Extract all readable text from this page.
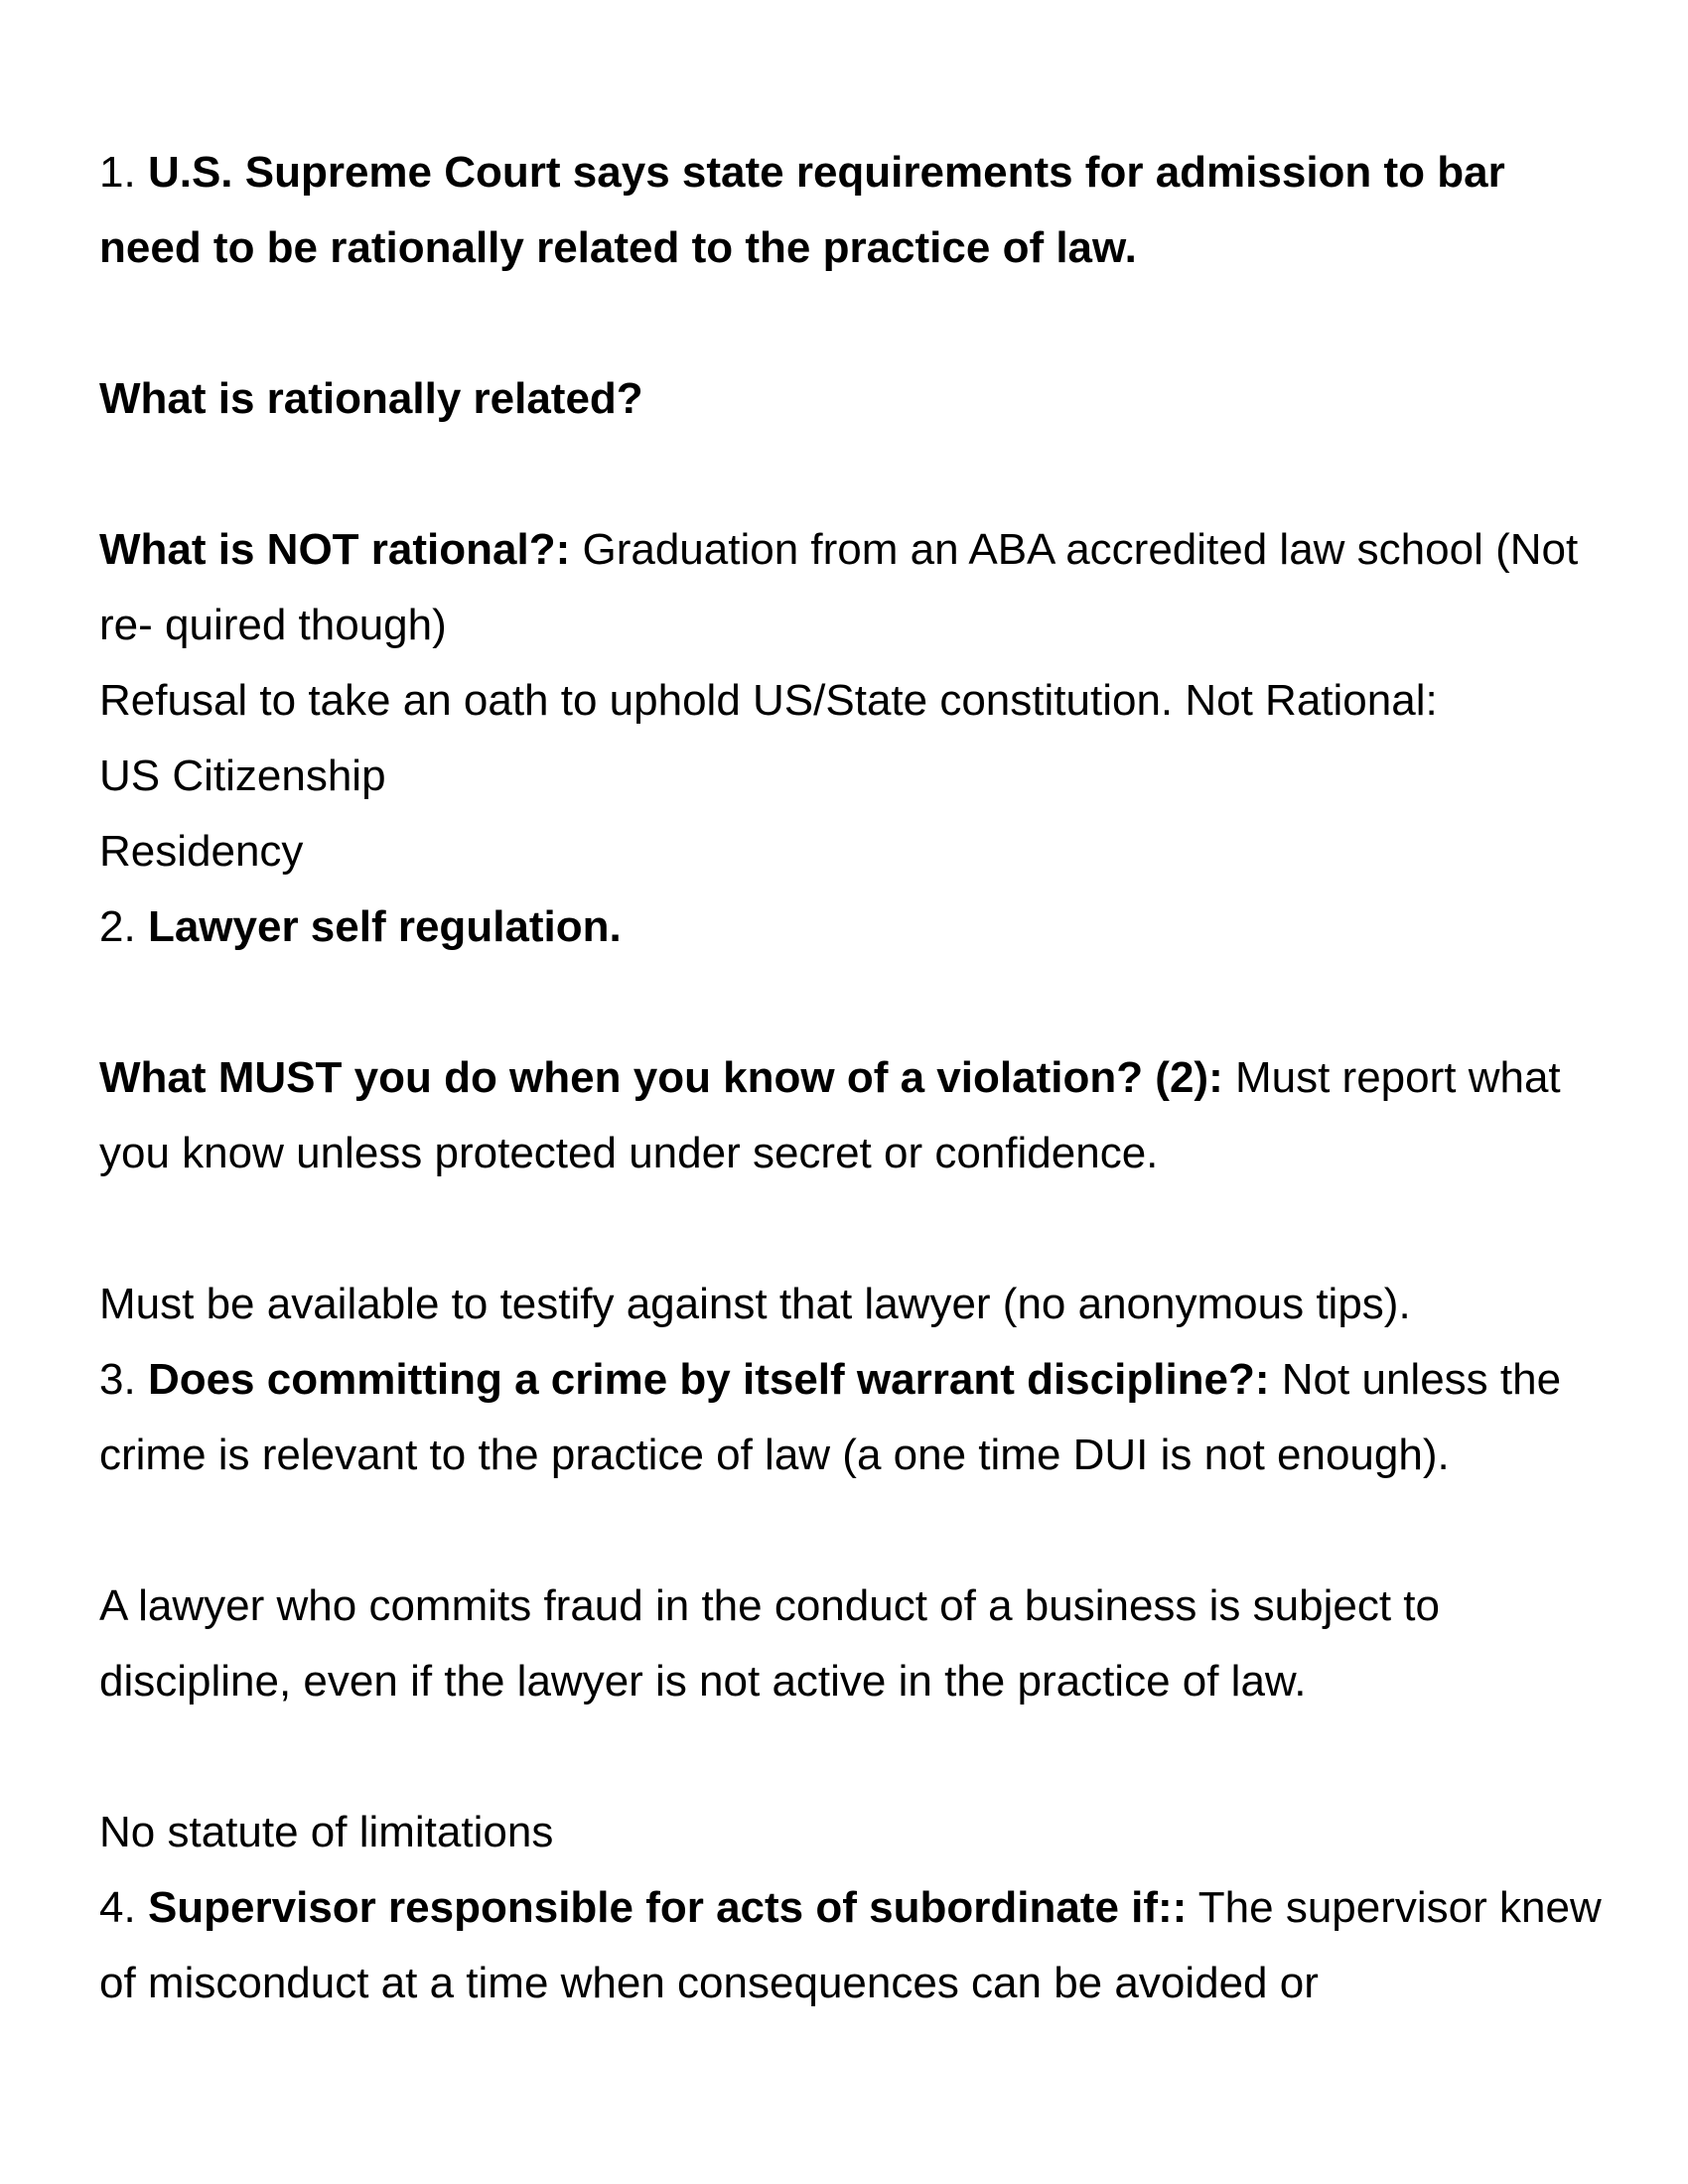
1. U.S. Supreme Court says state requirements for admission to bar need to be rationally related to the practice of law.

What is rationally related?

What is NOT rational?: Graduation from an ABA accredited law school (Not re- quired though)

Refusal to take an oath to uphold US/State constitution. Not Rational:

US Citizenship

Residency

2. Lawyer self regulation.

What MUST you do when you know of a violation? (2): Must report what you know unless protected under secret or confidence.

Must be available to testify against that lawyer (no anonymous tips).

3. Does committing a crime by itself warrant discipline?: Not unless the crime is relevant to the practice of law (a one time DUI is not enough).

A lawyer who commits fraud in the conduct of a business is subject to discipline, even if the lawyer is not active in the practice of law.

No statute of limitations

4. Supervisor responsible for acts of subordinate if:: The supervisor knew of misconduct at a time when consequences can be avoided or
